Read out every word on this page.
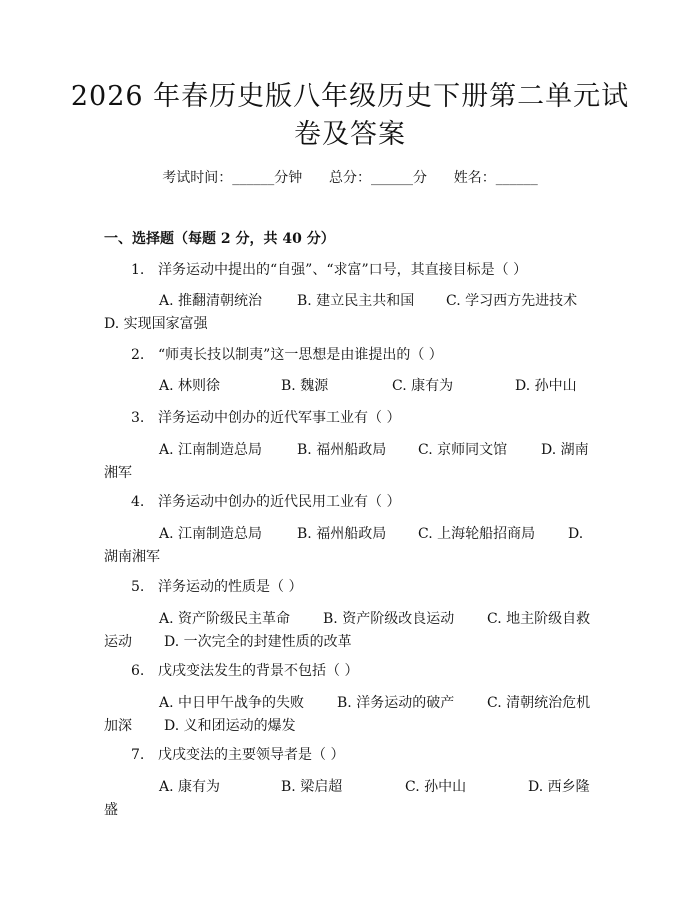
2026 年春历史版八年级历史下册第二单元试
卷及答案
考试时间：______分钟 总分：______分 姓名：______
一、选择题（每题 2 分，共 40 分）
1. 洋务运动中提出的“自强”、“求富”口号，其直接目标是（ ）
A. 推翻清朝统治 B. 建立民主共和国 C. 学习西方先进技术
D. 实现国家富强
2. “师夷长技以制夷”这一思想是由谁提出的（ ）
A. 林则徐	B. 魏源	C. 康有为	D. 孙中山
3. 洋务运动中创办的近代军事工业有（ ）
A. 江南制造总局 B. 福州船政局 C. 京师同文馆 D. 湖南
湘军
4. 洋务运动中创办的近代民用工业有（ ）
A. 江南制造总局 B. 福州船政局 C. 上海轮船招商局 D.
湖南湘军
5. 洋务运动的性质是（ ）
A. 资产阶级民主革命 B. 资产阶级改良运动 C. 地主阶级自救
运动 D. 一次完全的封建性质的改革
6. 戊戌变法发生的背景不包括（ ）
A. 中日甲午战争的失败 B. 洋务运动的破产 C. 清朝统治危机
加深 D. 义和团运动的爆发
7. 戊戌变法的主要领导者是（ ）
A. 康有为	B. 梁启超	C. 孙中山	D. 西乡隆
盛
